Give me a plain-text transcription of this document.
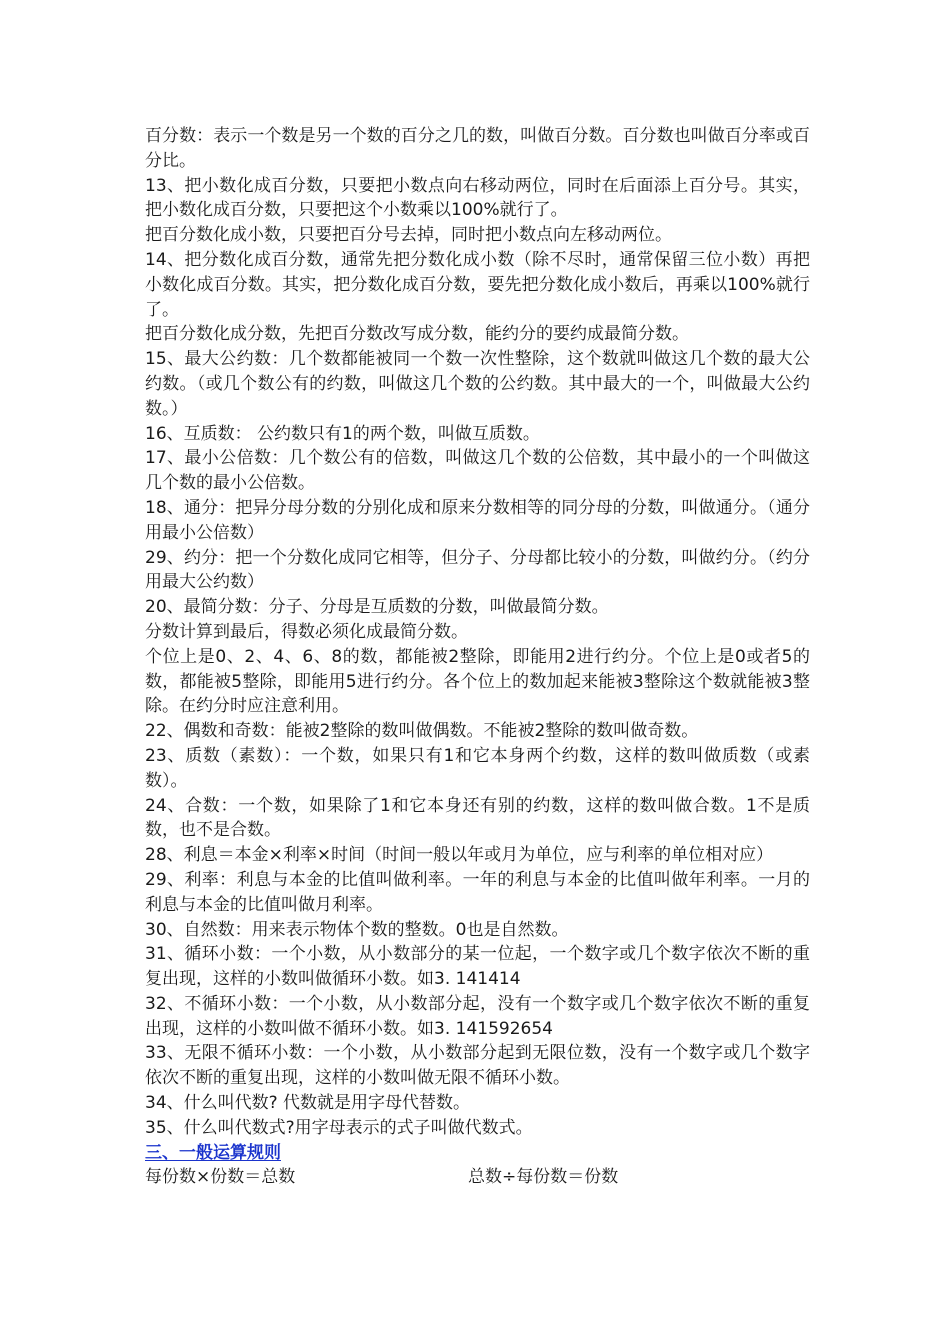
百分数：表示一个数是另一个数的百分之几的数，叫做百分数。百分数也叫做百分率或百分比。

13、把小数化成百分数，只要把小数点向右移动两位，同时在后面添上百分号。其实，把小数化成百分数，只要把这个小数乘以100%就行了。

把百分数化成小数，只要把百分号去掉，同时把小数点向左移动两位。

14、把分数化成百分数，通常先把分数化成小数（除不尽时，通常保留三位小数）再把小数化成百分数。其实，把分数化成百分数，要先把分数化成小数后，再乘以100%就行了。

把百分数化成分数，先把百分数改写成分数，能约分的要约成最简分数。

15、最大公约数：几个数都能被同一个数一次性整除，这个数就叫做这几个数的最大公约数。（或几个数公有的约数，叫做这几个数的公约数。其中最大的一个，叫做最大公约数。）

16、互质数： 公约数只有1的两个数，叫做互质数。

17、最小公倍数：几个数公有的倍数，叫做这几个数的公倍数，其中最小的一个叫做这几个数的最小公倍数。

18、通分：把异分母分数的分别化成和原来分数相等的同分母的分数，叫做通分。（通分用最小公倍数）

29、约分：把一个分数化成同它相等，但分子、分母都比较小的分数，叫做约分。（约分用最大公约数）

20、最简分数：分子、分母是互质数的分数，叫做最简分数。

分数计算到最后，得数必须化成最简分数。

个位上是0、2、4、6、8的数，都能被2整除，即能用2进行约分。个位上是0或者5的数，都能被5整除，即能用5进行约分。各个位上的数加起来能被3整除这个数就能被3整除。在约分时应注意利用。

22、偶数和奇数：能被2整除的数叫做偶数。不能被2整除的数叫做奇数。

23、质数（素数）：一个数，如果只有1和它本身两个约数，这样的数叫做质数（或素数）。

24、合数：一个数，如果除了1和它本身还有别的约数，这样的数叫做合数。1不是质数，也不是合数。

28、利息＝本金×利率×时间（时间一般以年或月为单位，应与利率的单位相对应）

29、利率：利息与本金的比值叫做利率。一年的利息与本金的比值叫做年利率。一月的利息与本金的比值叫做月利率。

30、自然数：用来表示物体个数的整数。0也是自然数。

31、循环小数：一个小数，从小数部分的某一位起，一个数字或几个数字依次不断的重复出现，这样的小数叫做循环小数。如3. 141414

32、不循环小数：一个小数，从小数部分起，没有一个数字或几个数字依次不断的重复出现，这样的小数叫做不循环小数。如3. 141592654

33、无限不循环小数：一个小数，从小数部分起到无限位数，没有一个数字或几个数字依次不断的重复出现，这样的小数叫做无限不循环小数。

34、什么叫代数? 代数就是用字母代替数。

35、什么叫代数式?用字母表示的式子叫做代数式。

三、一般运算规则

每份数×份数＝总数	总数÷每份数＝份数
